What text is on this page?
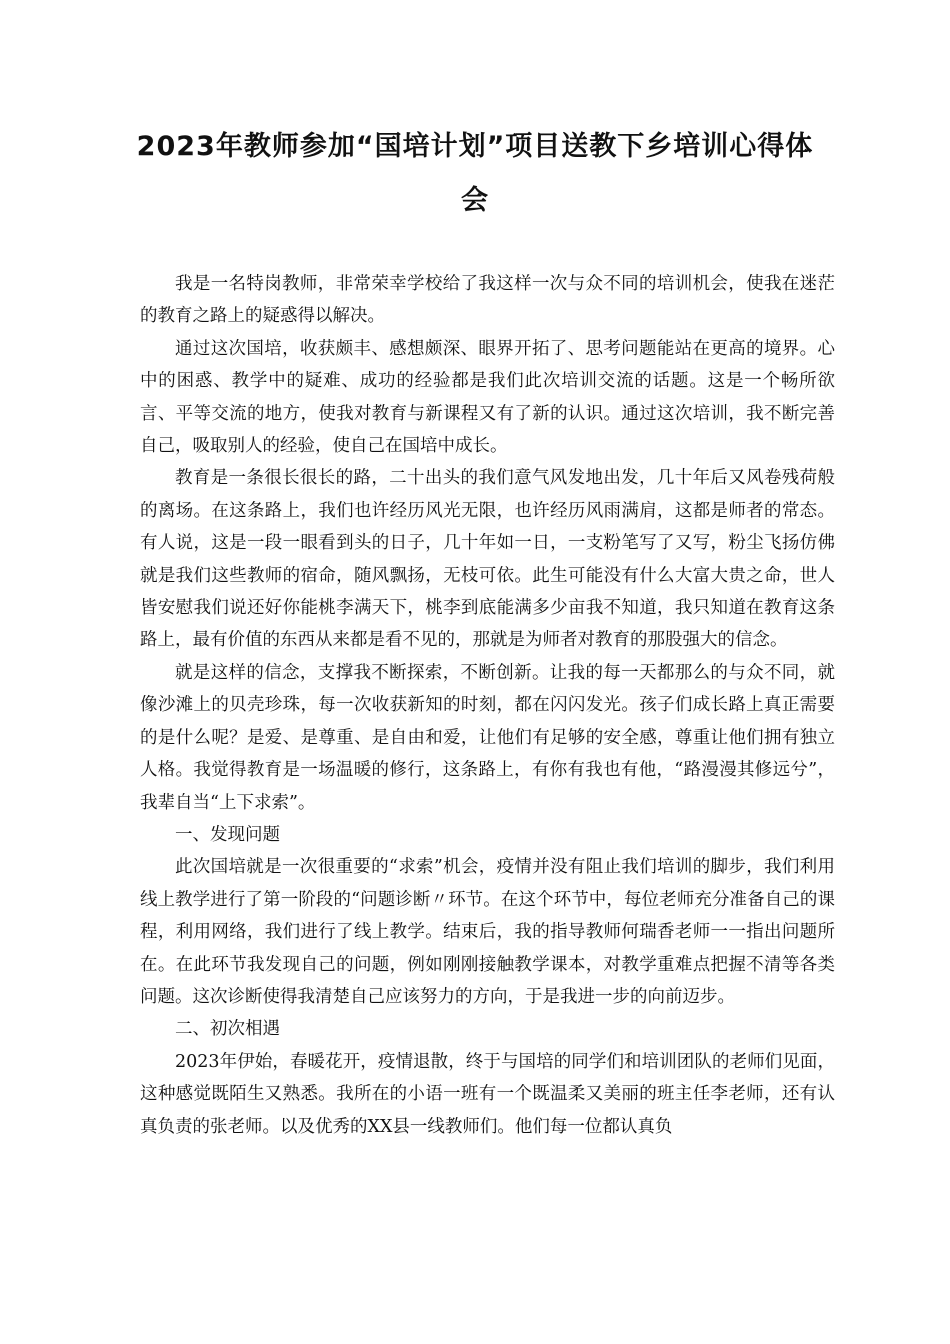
2023年教师参加“国培计划”项目送教下乡培训心得体会

我是一名特岗教师，非常荣幸学校给了我这样一次与众不同的培训机会，使我在迷茫的教育之路上的疑惑得以解决。

通过这次国培，收获颇丰、感想颇深、眼界开拓了、思考问题能站在更高的境界。心中的困惑、教学中的疑难、成功的经验都是我们此次培训交流的话题。这是一个畅所欲言、平等交流的地方，使我对教育与新课程又有了新的认识。通过这次培训，我不断完善自己，吸取别人的经验，使自己在国培中成长。

教育是一条很长很长的路，二十出头的我们意气风发地出发，几十年后又风卷残荷般的离场。在这条路上，我们也许经历风光无限，也许经历风雨满肩，这都是师者的常态。有人说，这是一段一眼看到头的日子，几十年如一日，一支粉笔写了又写，粉尘飞扬仿佛就是我们这些教师的宿命，随风飘扬，无枝可依。此生可能没有什么大富大贵之命，世人皆安慰我们说还好你能桃李满天下，桃李到底能满多少亩我不知道，我只知道在教育这条路上，最有价值的东西从来都是看不见的，那就是为师者对教育的那股强大的信念。

就是这样的信念，支撑我不断探索，不断创新。让我的每一天都那么的与众不同，就像沙滩上的贝壳珍珠，每一次收获新知的时刻，都在闪闪发光。孩子们成长路上真正需要的是什么呢？是爱、是尊重、是自由和爱，让他们有足够的安全感，尊重让他们拥有独立人格。我觉得教育是一场温暖的修行，这条路上，有你有我也有他，“路漫漫其修远兮”，我辈自当“上下求索”。

一、发现问题

此次国培就是一次很重要的“求索”机会，疫情并没有阻止我们培训的脚步，我们利用线上教学进行了第一阶段的“问题诊断〃环节。在这个环节中，每位老师充分准备自己的课程，利用网络，我们进行了线上教学。结束后，我的指导教师何瑞香老师一一指出问题所在。在此环节我发现自己的问题，例如刚刚接触教学课本，对教学重难点把握不清等各类问题。这次诊断使得我清楚自己应该努力的方向，于是我进一步的向前迈步。

二、初次相遇

2023年伊始，春暖花开，疫情退散，终于与国培的同学们和培训团队的老师们见面，这种感觉既陌生又熟悉。我所在的小语一班有一个既温柔又美丽的班主任李老师，还有认真负责的张老师。以及优秀的XX县一线教师们。他们每一位都认真负
